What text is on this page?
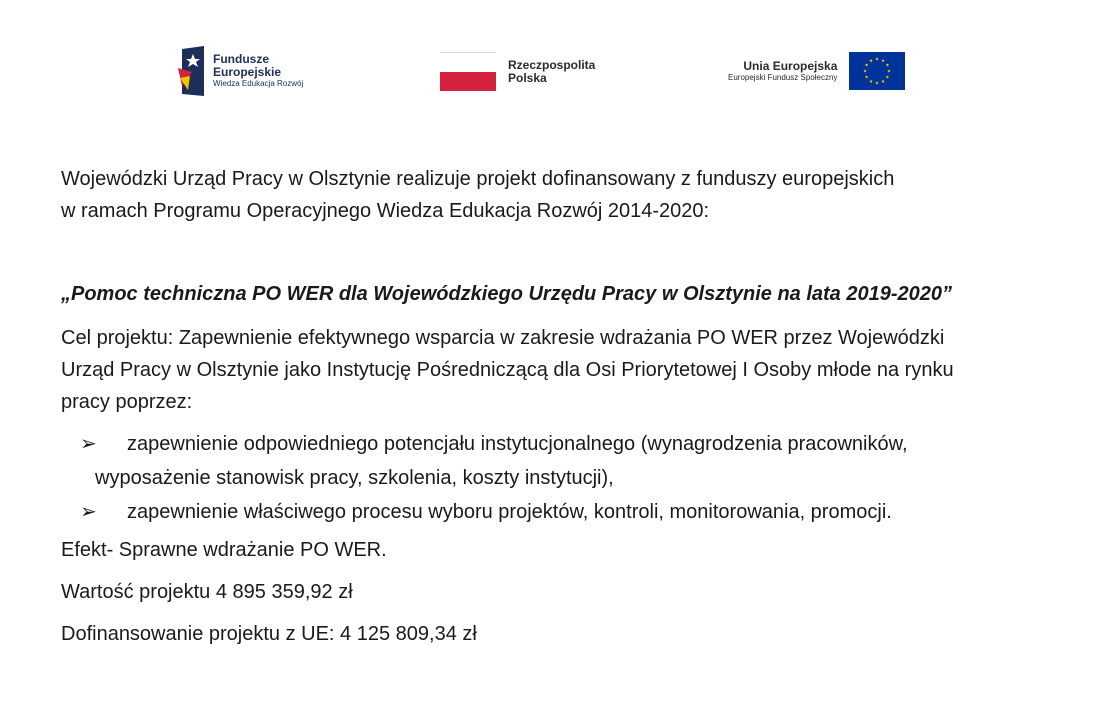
Fundusze
Europejskie
Wiedza Edukacja Rozwój
Rzeczpospolita
Polska
Unia Europejska
Europejski Fundusz Społeczny
Wojewódzki Urząd Pracy w Olsztynie realizuje projekt dofinansowany z funduszy europejskich
w ramach Programu Operacyjnego Wiedza Edukacja Rozwój 2014-2020:
„Pomoc techniczna PO WER dla Wojewódzkiego Urzędu Pracy w Olsztynie na lata 2019-2020”
Cel projektu: Zapewnienie efektywnego wsparcia w zakresie wdrażania PO WER przez Wojewódzki
Urząd Pracy w Olsztynie jako Instytucję Pośredniczącą dla Osi Priorytetowej I Osoby młode na rynku
pracy poprzez:
➢	zapewnienie odpowiedniego potencjału instytucjonalnego (wynagrodzenia pracowników,
wyposażenie stanowisk pracy, szkolenia, koszty instytucji),
➢	zapewnienie właściwego procesu wyboru projektów, kontroli, monitorowania, promocji.
Efekt- Sprawne wdrażanie PO WER.
Wartość projektu 4 895 359,92 zł
Dofinansowanie projektu z UE: 4 125 809,34 zł
